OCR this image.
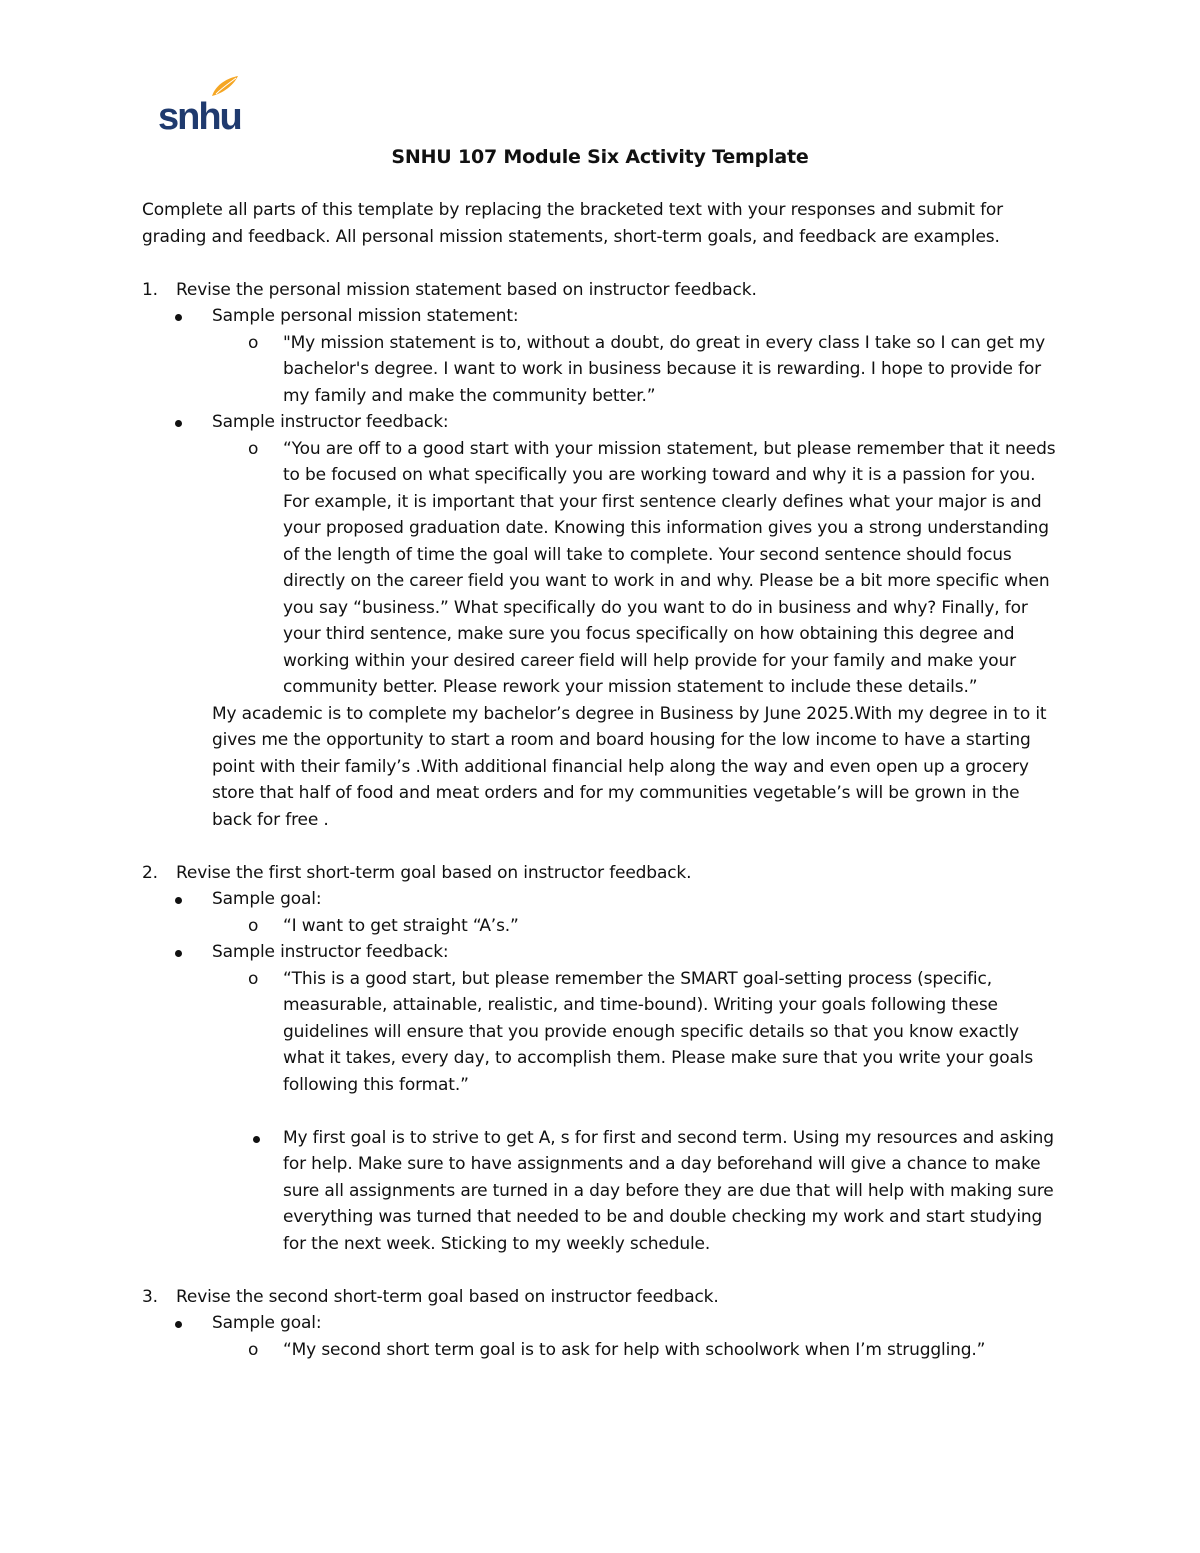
snhu
SNHU 107 Module Six Activity Template

Complete all parts of this template by replacing the bracketed text with your responses and submit for grading and feedback. All personal mission statements, short-term goals, and feedback are examples.

1. Revise the personal mission statement based on instructor feedback.
Sample personal mission statement:
o "My mission statement is to, without a doubt, do great in every class I take so I can get my bachelor's degree. I want to work in business because it is rewarding. I hope to provide for my family and make the community better.”
Sample instructor feedback:
o “You are off to a good start with your mission statement, but please remember that it needs to be focused on what specifically you are working toward and why it is a passion for you. For example, it is important that your first sentence clearly defines what your major is and your proposed graduation date. Knowing this information gives you a strong understanding of the length of time the goal will take to complete. Your second sentence should focus directly on the career field you want to work in and why. Please be a bit more specific when you say “business.” What specifically do you want to do in business and why? Finally, for your third sentence, make sure you focus specifically on how obtaining this degree and working within your desired career field will help provide for your family and make your community better. Please rework your mission statement to include these details.”

My academic is to complete my bachelor’s degree in Business by June 2025.With my degree in to it gives me the opportunity to start a room and board housing for the low income to have a starting point with their family’s .With additional financial help along the way and even open up a grocery store that half of food and meat orders and for my communities vegetable’s will be grown in the back for free .

2. Revise the first short-term goal based on instructor feedback.
Sample goal:
o “I want to get straight “A’s.”
Sample instructor feedback:
o “This is a good start, but please remember the SMART goal-setting process (specific, measurable, attainable, realistic, and time-bound). Writing your goals following these guidelines will ensure that you provide enough specific details so that you know exactly what it takes, every day, to accomplish them. Please make sure that you write your goals following this format.”
My first goal is to strive to get A, s for first and second term. Using my resources and asking for help. Make sure to have assignments and a day beforehand will give a chance to make sure all assignments are turned in a day before they are due that will help with making sure everything was turned that needed to be and double checking my work and start studying for the next week. Sticking to my weekly schedule.
3. Revise the second short-term goal based on instructor feedback.
Sample goal:
o “My second short term goal is to ask for help with schoolwork when I’m struggling.”
